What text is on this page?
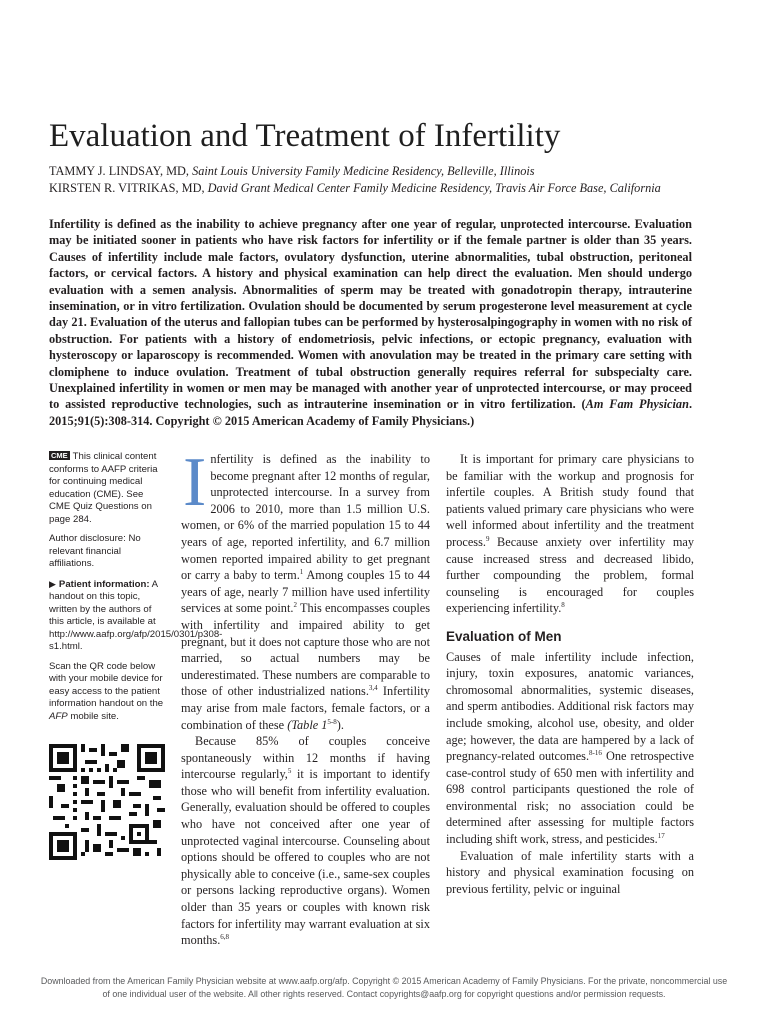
Evaluation and Treatment of Infertility
TAMMY J. LINDSAY, MD, Saint Louis University Family Medicine Residency, Belleville, Illinois
KIRSTEN R. VITRIKAS, MD, David Grant Medical Center Family Medicine Residency, Travis Air Force Base, California

Infertility is defined as the inability to achieve pregnancy after one year of regular, unprotected intercourse. Evaluation may be initiated sooner in patients who have risk factors for infertility or if the female partner is older than 35 years. Causes of infertility include male factors, ovulatory dysfunction, uterine abnormalities, tubal obstruction, peritoneal factors, or cervical factors. A history and physical examination can help direct the evaluation. Men should undergo evaluation with a semen analysis. Abnormalities of sperm may be treated with gonadotropin therapy, intrauterine insemination, or in vitro fertilization. Ovulation should be documented by serum progesterone level measurement at cycle day 21. Evaluation of the uterus and fallopian tubes can be performed by hysterosalpingography in women with no risk of obstruction. For patients with a history of endometriosis, pelvic infections, or ectopic pregnancy, evaluation with hysteroscopy or laparoscopy is recommended. Women with anovulation may be treated in the primary care setting with clomiphene to induce ovulation. Treatment of tubal obstruction generally requires referral for subspecialty care. Unexplained infertility in women or men may be managed with another year of unprotected intercourse, or may proceed to assisted reproductive technologies, such as intrauterine insemination or in vitro fertilization. (Am Fam Physician. 2015;91(5):308-314. Copyright © 2015 American Academy of Family Physicians.)

CME This clinical content conforms to AAFP criteria for continuing medical education (CME). See CME Quiz Questions on page 284.

Author disclosure: No relevant financial affiliations.

▶ Patient information: A handout on this topic, written by the authors of this article, is available at http://www.aafp.org/afp/2015/0301/p308-s1.html.

Scan the QR code below with your mobile device for easy access to the patient information handout on the AFP mobile site.

Infertility is defined as the inability to become pregnant after 12 months of regular, unprotected intercourse. In a survey from 2006 to 2010, more than 1.5 million U.S. women, or 6% of the married population 15 to 44 years of age, reported infertility, and 6.7 million women reported impaired ability to get pregnant or carry a baby to term.$^1$ Among couples 15 to 44 years of age, nearly 7 million have used infertility services at some point.$^2$ This encompasses couples with infertility and impaired ability to get pregnant, but it does not capture those who are not married, so actual numbers may be underestimated. These numbers are comparable to those of other industrialized nations.$^{3,4}$ Infertility may arise from male factors, female factors, or a combination of these (Table 1$^{5-8}$).

Because 85% of couples conceive spontaneously within 12 months if having intercourse regularly,$^5$ it is important to identify those who will benefit from infertility evaluation. Generally, evaluation should be offered to couples who have not conceived after one year of unprotected vaginal intercourse. Counseling about options should be offered to couples who are not physically able to conceive (i.e., same-sex couples or persons lacking reproductive organs). Women older than 35 years or couples with known risk factors for infertility may warrant evaluation at six months.$^{6,8}$

It is important for primary care physicians to be familiar with the workup and prognosis for infertile couples. A British study found that patients valued primary care physicians who were well informed about infertility and the treatment process.$^9$ Because anxiety over infertility may cause increased stress and decreased libido, further compounding the problem, formal counseling is encouraged for couples experiencing infertility.$^8$

Evaluation of Men

Causes of male infertility include infection, injury, toxin exposures, anatomic variances, chromosomal abnormalities, systemic diseases, and sperm antibodies. Additional risk factors may include smoking, alcohol use, obesity, and older age; however, the data are hampered by a lack of pregnancy-related outcomes.$^{8-16}$ One retrospective case-control study of 650 men with infertility and 698 control participants questioned the role of environmental risk; no association could be determined after assessing for multiple factors including shift work, stress, and pesticides.$^{17}$

Evaluation of male infertility starts with a history and physical examination focusing on previous fertility, pelvic or inguinal

Downloaded from the American Family Physician website at www.aafp.org/afp. Copyright © 2015 American Academy of Family Physicians. For the private, noncommercial use of one individual user of the website. All other rights reserved. Contact copyrights@aafp.org for copyright questions and/or permission requests.
